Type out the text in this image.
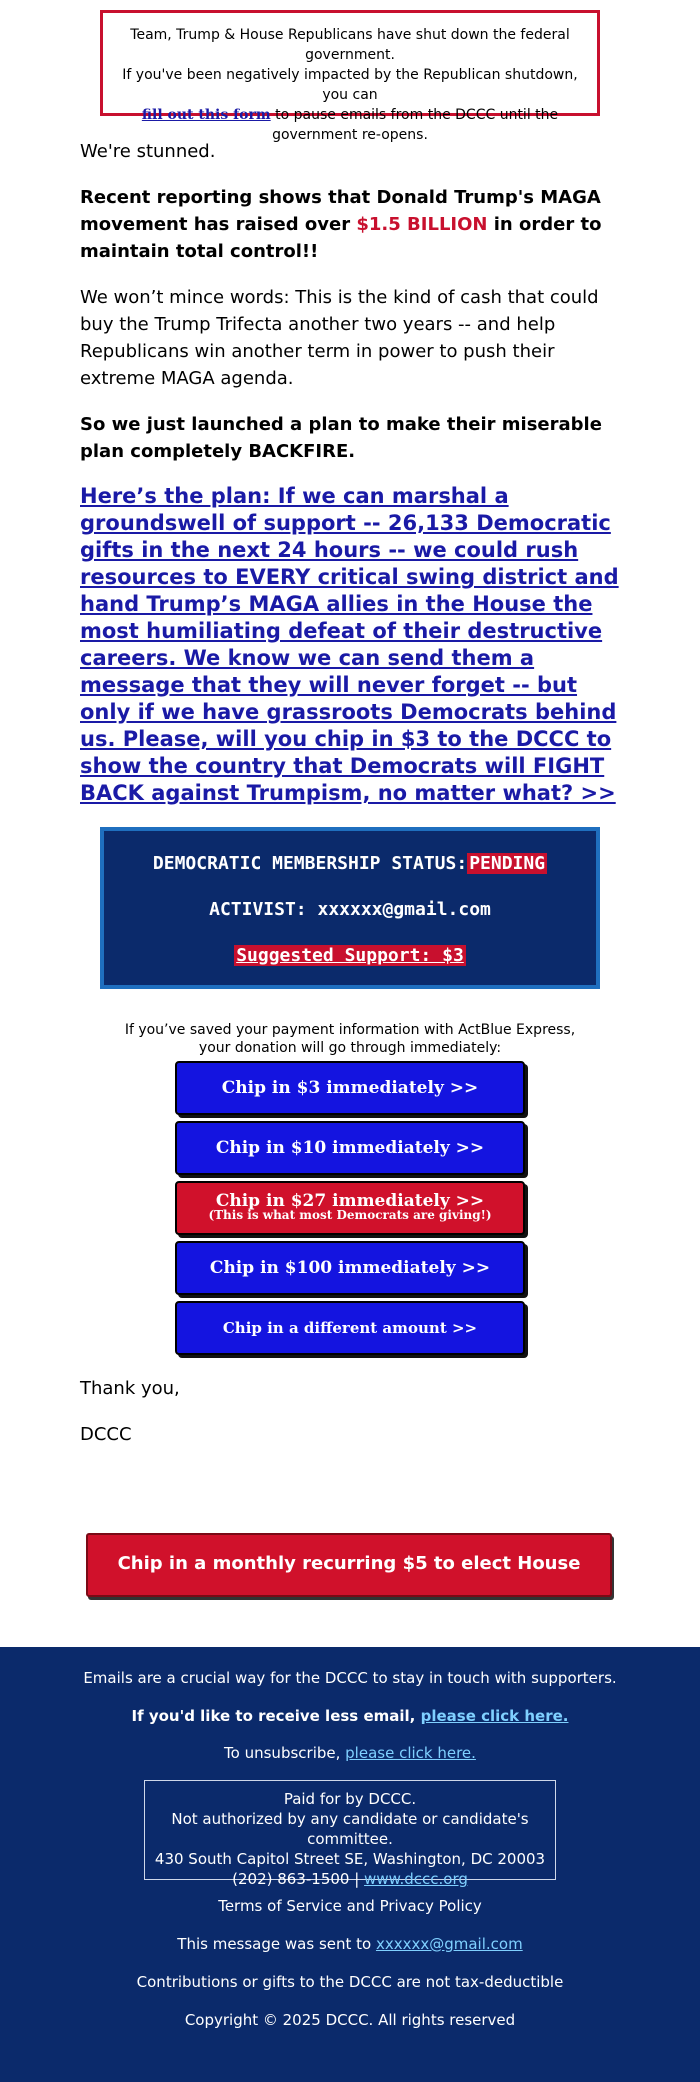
Team, Trump & House Republicans have shut down the federal government.
If you've been negatively impacted by the Republican shutdown, you can
fill out this form to pause emails from the DCCC until the government re-opens.
We're stunned.
Recent reporting shows that Donald Trump's MAGA movement has raised over $1.5 BILLION in order to maintain total control!!
We won’t mince words: This is the kind of cash that could buy the Trump Trifecta another two years -- and help Republicans win another term in power to push their extreme MAGA agenda.
So we just launched a plan to make their miserable plan completely BACKFIRE.
Here’s the plan: If we can marshal a groundswell of support -- 26,133 Democratic gifts in the next 24 hours -- we could rush resources to EVERY critical swing district and hand Trump’s MAGA allies in the House the most humiliating defeat of their destructive careers. We know we can send them a message that they will never forget -- but only if we have grassroots Democrats behind us. Please, will you chip in $3 to the DCCC to show the country that Democrats will FIGHT BACK against Trumpism, no matter what? >>
DEMOCRATIC MEMBERSHIP STATUS: PENDING
ACTIVIST: xxxxxx@gmail.com
Suggested Support: $3
If you’ve saved your payment information with ActBlue Express,
your donation will go through immediately:
Chip in $3 immediately >>
Chip in $10 immediately >>
Chip in $27 immediately >>
(This is what most Democrats are giving!)
Chip in $100 immediately >>
Chip in a different amount >>
Thank you,
DCCC
Chip in a monthly recurring $5 to elect House Dems >>
Emails are a crucial way for the DCCC to stay in touch with supporters.
If you'd like to receive less email, please click here.
To unsubscribe, please click here.
Paid for by DCCC.
Not authorized by any candidate or candidate's committee.
430 South Capitol Street SE, Washington, DC 20003
(202) 863-1500 | www.dccc.org
Terms of Service and Privacy Policy
This message was sent to xxxxxx@gmail.com
Contributions or gifts to the DCCC are not tax-deductible
Copyright © 2025 DCCC. All rights reserved
